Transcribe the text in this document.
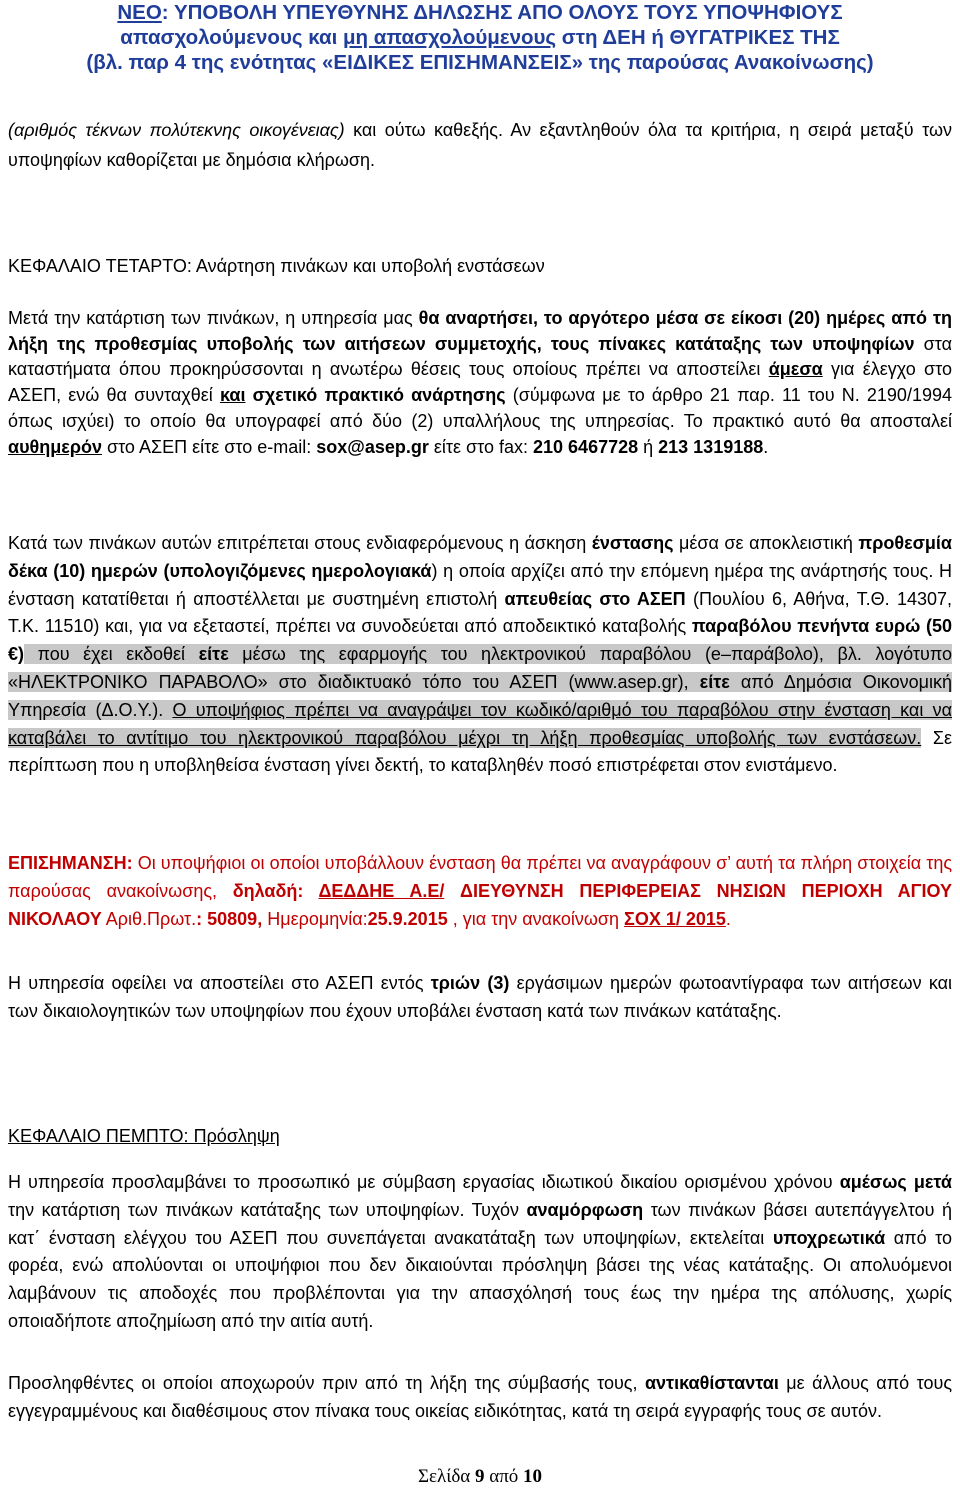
ΝΕΟ: ΥΠΟΒΟΛΗ ΥΠΕΥΘΥΝΗΣ ΔΗΛΩΣΗΣ ΑΠΟ ΟΛΟΥΣ ΤΟΥΣ ΥΠΟΨΗΦΙΟΥΣ
απασχολούμενους και μη απασχολούμενους στη ΔΕΗ ή ΘΥΓΑΤΡΙΚΕΣ ΤΗΣ
(βλ. παρ 4 της ενότητας «ΕΙΔΙΚΕΣ ΕΠΙΣΗΜΑΝΣΕΙΣ» της παρούσας Ανακοίνωσης)

(αριθμός τέκνων πολύτεκνης οικογένειας) και ούτω καθεξής. Αν εξαντληθούν όλα τα κριτήρια, η σειρά μεταξύ των υποψηφίων καθορίζεται με δημόσια κλήρωση.

ΚΕΦΑΛΑΙΟ ΤΕΤΑΡΤΟ: Ανάρτηση πινάκων και υποβολή ενστάσεων

Μετά την κατάρτιση των πινάκων, η υπηρεσία μας θα αναρτήσει, το αργότερο μέσα σε είκοσι (20) ημέρες από τη λήξη της προθεσμίας υποβολής των αιτήσεων συμμετοχής, τους πίνακες κατάταξης των υποψηφίων στα καταστήματα όπου προκηρύσσονται η ανωτέρω θέσεις τους οποίους πρέπει να αποστείλει άμεσα για έλεγχο στο ΑΣΕΠ, ενώ θα συνταχθεί και σχετικό πρακτικό ανάρτησης (σύμφωνα με το άρθρο 21 παρ. 11 του Ν. 2190/1994 όπως ισχύει) το οποίο θα υπογραφεί από δύο (2) υπαλλήλους της υπηρεσίας. Το πρακτικό αυτό θα αποσταλεί αυθημερόν στο ΑΣΕΠ είτε στο e-mail: sox@asep.gr είτε στο fax: 210 6467728 ή 213 1319188.

Κατά των πινάκων αυτών επιτρέπεται στους ενδιαφερόμενους η άσκηση ένστασης μέσα σε αποκλειστική προθεσμία δέκα (10) ημερών (υπολογιζόμενες ημερολογιακά) η οποία αρχίζει από την επόμενη ημέρα της ανάρτησής τους. Η ένσταση κατατίθεται ή αποστέλλεται με συστημένη επιστολή απευθείας στο ΑΣΕΠ (Πουλίου 6, Αθήνα, Τ.Θ. 14307, Τ.Κ. 11510) και, για να εξεταστεί, πρέπει να συνοδεύεται από αποδεικτικό καταβολής παραβόλου πενήντα ευρώ (50 €) που έχει εκδοθεί είτε μέσω της εφαρμογής του ηλεκτρονικού παραβόλου (e–παράβολο), βλ. λογότυπο «ΗΛΕΚΤΡΟΝΙΚΟ ΠΑΡΑΒΟΛΟ» στο διαδικτυακό τόπο του ΑΣΕΠ (www.asep.gr), είτε από Δημόσια Οικονομική Υπηρεσία (Δ.Ο.Υ.). Ο υποψήφιος πρέπει να αναγράψει τον κωδικό/αριθμό του παραβόλου στην ένσταση και να καταβάλει το αντίτιμο του ηλεκτρονικού παραβόλου μέχρι τη λήξη προθεσμίας υποβολής των ενστάσεων. Σε περίπτωση που η υποβληθείσα ένσταση γίνει δεκτή, το καταβληθέν ποσό επιστρέφεται στον ενιστάμενο.

ΕΠΙΣΗΜΑΝΣΗ: Οι υποψήφιοι οι οποίοι υποβάλλουν ένσταση θα πρέπει να αναγράφουν σ’ αυτή τα πλήρη στοιχεία της παρούσας ανακοίνωσης, δηλαδή: ΔΕΔΔΗΕ Α.Ε/ ΔΙΕΥΘΥΝΣΗ ΠΕΡΙΦΕΡΕΙΑΣ ΝΗΣΙΩΝ ΠΕΡΙΟΧΗ ΑΓΙΟΥ ΝΙΚΟΛΑΟΥ Αριθ.Πρωτ.: 50809, Ημερομηνία:25.9.2015 , για την ανακοίνωση ΣΟΧ 1/ 2015.

Η υπηρεσία οφείλει να αποστείλει στο ΑΣΕΠ εντός τριών (3) εργάσιμων ημερών φωτοαντίγραφα των αιτήσεων και των δικαιολογητικών των υποψηφίων που έχουν υποβάλει ένσταση κατά των πινάκων κατάταξης.

ΚΕΦΑΛΑΙΟ ΠΕΜΠΤΟ: Πρόσληψη

Η υπηρεσία προσλαμβάνει το προσωπικό με σύμβαση εργασίας ιδιωτικού δικαίου ορισμένου χρόνου αμέσως μετά την κατάρτιση των πινάκων κατάταξης των υποψηφίων. Τυχόν αναμόρφωση των πινάκων βάσει αυτεπάγγελτου ή κατ΄ ένσταση ελέγχου του ΑΣΕΠ που συνεπάγεται ανακατάταξη των υποψηφίων, εκτελείται υποχρεωτικά από το φορέα, ενώ απολύονται οι υποψήφιοι που δεν δικαιούνται πρόσληψη βάσει της νέας κατάταξης. Οι απολυόμενοι λαμβάνουν τις αποδοχές που προβλέπονται για την απασχόλησή τους έως την ημέρα της απόλυσης, χωρίς οποιαδήποτε αποζημίωση από την αιτία αυτή.

Προσληφθέντες οι οποίοι αποχωρούν πριν από τη λήξη της σύμβασής τους, αντικαθίστανται με άλλους από τους εγγεγραμμένους και διαθέσιμους στον πίνακα τους οικείας ειδικότητας, κατά τη σειρά εγγραφής τους σε αυτόν.

Σελίδα 9 από 10
